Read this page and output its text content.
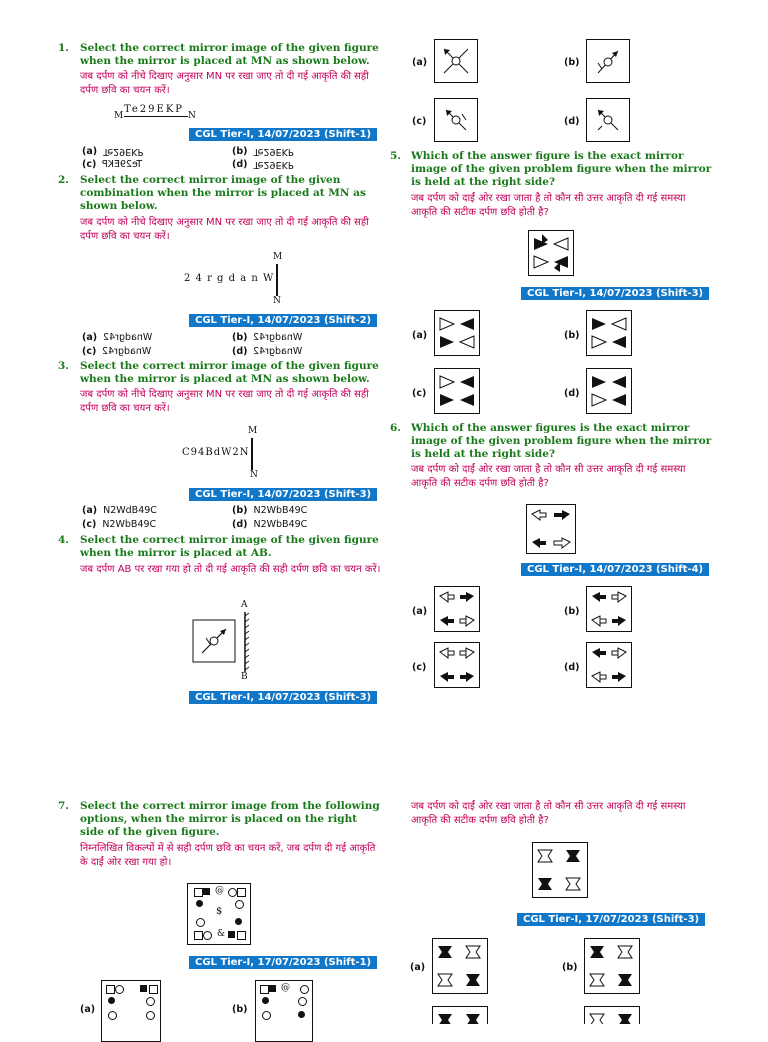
1. Select the correct mirror image of the given figure when the mirror is placed at MN as shown below.
जब दर्पण को नीचे दिखाए अनुसार MN पर रखा जाए तो दी गई आकृति की सही दर्पण छवि का चयन करें।
Te29EKP
M	N
CGL Tier-I, 14/07/2023 (Shift-1)
(a) Te29EKP	(b) Te29EKP
(c) Te29EKP	(d) Te29EKP
2. Select the correct mirror image of the given combination when the mirror is placed at MN as shown below.
जब दर्पण को नीचे दिखाए अनुसार MN पर रखा जाए तो दी गई आकृति की सही दर्पण छवि का चयन करें।
M
N
2 4 r g d a n W
CGL Tier-I, 14/07/2023 (Shift-2)
(a) Wnadgr42	(b) Wnadgr42
(c) Wnadgr42	(d) Wnadgr42
3. Select the correct mirror image of the given figure when the mirror is placed at MN as shown below.
जब दर्पण को नीचे दिखाए अनुसार MN पर रखा जाए तो दी गई आकृति की सही दर्पण छवि का चयन करें।
M
N
C94BdW2N
CGL Tier-I, 14/07/2023 (Shift-3)
(a) N2WdB49C	(b) N2WbB49C
(c) N2WbB49C	(d) N2WbB49C
4. Select the correct mirror image of the given figure when the mirror is placed at AB.
जब दर्पण AB पर रखा गया हो तो दी गई आकृति की सही दर्पण छवि का चयन करें।
A
B
CGL Tier-I, 14/07/2023 (Shift-3)
(a)	(b)
(c)	(d)
5. Which of the answer figure is the exact mirror image of the given problem figure when the mirror is held at the right side?
जब दर्पण को दाईं ओर रखा जाता है तो कौन सी उत्तर आकृति दी गई समस्या आकृति की सटीक दर्पण छवि होती है?
CGL Tier-I, 14/07/2023 (Shift-3)
(a)	(b)
(c)	(d)
6. Which of the answer figures is the exact mirror image of the given problem figure when the mirror is held at the right side?
जब दर्पण को दाईं ओर रखा जाता है तो कौन सी उत्तर आकृति दी गई समस्या आकृति की सटीक दर्पण छवि होती है?
CGL Tier-I, 14/07/2023 (Shift-4)
(a)	(b)
(c)	(d)
7. Select the correct mirror image from the following options, when the mirror is placed on the right side of the given figure.
निम्नलिखित विकल्पों में से सही दर्पण छवि का चयन करें, जब दर्पण दी गई आकृति के दाईं ओर रखा गया हो।
@
$
&
CGL Tier-I, 17/07/2023 (Shift-1)
(a)	(b)
@
जब दर्पण को दाईं ओर रखा जाता है तो कौन सी उत्तर आकृति दी गई समस्या आकृति की सटीक दर्पण छवि होती है?
CGL Tier-I, 17/07/2023 (Shift-3)
(a)	(b)
